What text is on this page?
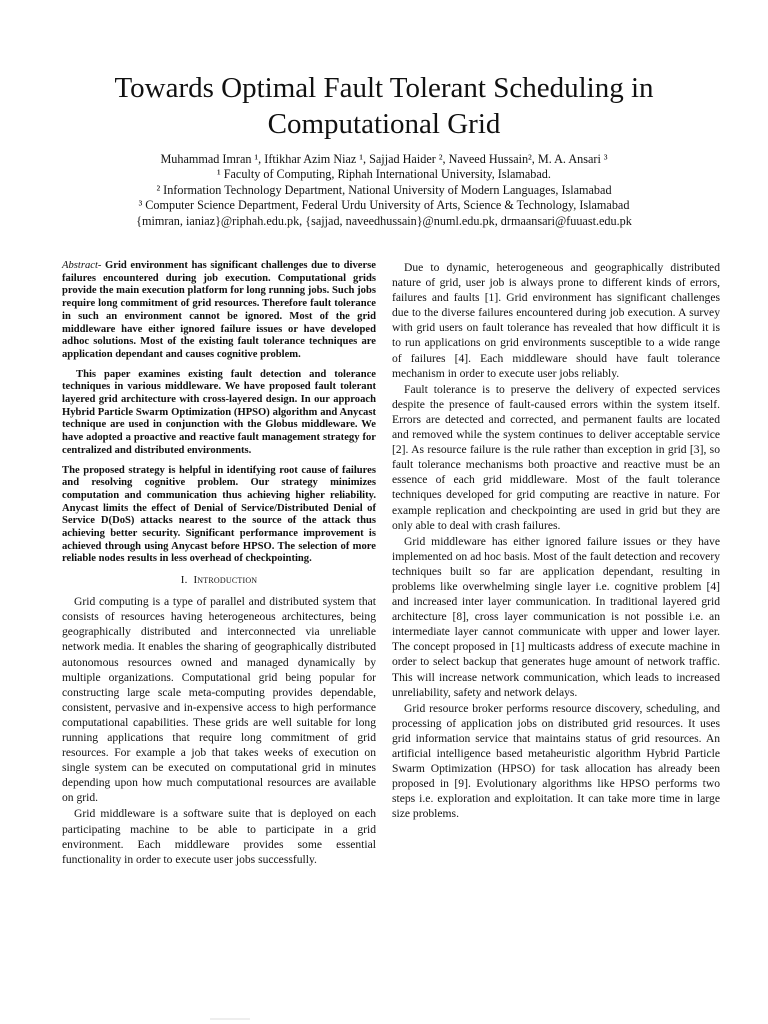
Towards Optimal Fault Tolerant Scheduling in Computational Grid
Muhammad Imran ¹, Iftikhar Azim Niaz ¹, Sajjad Haider ², Naveed Hussain², M. A. Ansari ³
¹ Faculty of Computing, Riphah International University, Islamabad.
² Information Technology Department, National University of Modern Languages, Islamabad
³ Computer Science Department, Federal Urdu University of Arts, Science & Technology, Islamabad
{mimran, ianiaz}@riphah.edu.pk, {sajjad, naveedhussain}@numl.edu.pk, drmaansari@fuuast.edu.pk

Abstract- Grid environment has significant challenges due to diverse failures encountered during job execution. Computational grids provide the main execution platform for long running jobs. Such jobs require long commitment of grid resources. Therefore fault tolerance in such an environment cannot be ignored. Most of the grid middleware have either ignored failure issues or have developed adhoc solutions. Most of the existing fault tolerance techniques are application dependant and causes cognitive problem.

This paper examines existing fault detection and tolerance techniques in various middleware. We have proposed fault tolerant layered grid architecture with cross-layered design. In our approach Hybrid Particle Swarm Optimization (HPSO) algorithm and Anycast technique are used in conjunction with the Globus middleware. We have adopted a proactive and reactive fault management strategy for centralized and distributed environments.

The proposed strategy is helpful in identifying root cause of failures and resolving cognitive problem. Our strategy minimizes computation and communication thus achieving higher reliability. Anycast limits the effect of Denial of Service/Distributed Denial of Service D(DoS) attacks nearest to the source of the attack thus achieving better security. Significant performance improvement is achieved through using Anycast before HPSO. The selection of more reliable nodes results in less overhead of checkpointing.

I. Introduction

Grid computing is a type of parallel and distributed system that consists of resources having heterogeneous architectures, being geographically distributed and interconnected via unreliable network media. It enables the sharing of geographically distributed autonomous resources owned and managed dynamically by multiple organizations. Computational grid being popular for constructing large scale meta-computing provides dependable, consistent, pervasive and in-expensive access to high performance computational capabilities. These grids are well suitable for long running applications that require long commitment of grid resources. For example a job that takes weeks of execution on single system can be executed on computational grid in minutes depending upon how much computational resources are available on grid.

Grid middleware is a software suite that is deployed on each participating machine to be able to participate in a grid environment. Each middleware provides some essential functionality in order to execute user jobs successfully.

Due to dynamic, heterogeneous and geographically distributed nature of grid, user job is always prone to different kinds of errors, failures and faults [1]. Grid environment has significant challenges due to the diverse failures encountered during job execution. A survey with grid users on fault tolerance has revealed that how difficult it is to run applications on grid environments susceptible to a wide range of failures [4]. Each middleware should have fault tolerance mechanism in order to execute user jobs reliably.

Fault tolerance is to preserve the delivery of expected services despite the presence of fault-caused errors within the system itself. Errors are detected and corrected, and permanent faults are located and removed while the system continues to deliver acceptable service [2]. As resource failure is the rule rather than exception in grid [3], so fault tolerance mechanisms both proactive and reactive must be an essence of each grid middleware. Most of the fault tolerance techniques developed for grid computing are reactive in nature. For example replication and checkpointing are used in grid but they are only able to deal with crash failures.

Grid middleware has either ignored failure issues or they have implemented on ad hoc basis. Most of the fault detection and recovery techniques built so far are application dependant, resulting in problems like overwhelming single layer i.e. cognitive problem [4] and increased inter layer communication. In traditional layered grid architecture [8], cross layer communication is not possible i.e. an intermediate layer cannot communicate with upper and lower layer. The concept proposed in [1] multicasts address of execute machine in order to select backup that generates huge amount of network traffic. This will increase network communication, which leads to increased unreliability, safety and network delays.

Grid resource broker performs resource discovery, scheduling, and processing of application jobs on distributed grid resources. It uses grid information service that maintains status of grid resources. An artificial intelligence based metaheuristic algorithm Hybrid Particle Swarm Optimization (HPSO) for task allocation has already been proposed in [9]. Evolutionary algorithms like HPSO performs two steps i.e. exploration and exploitation. It can take more time in large size problems.
